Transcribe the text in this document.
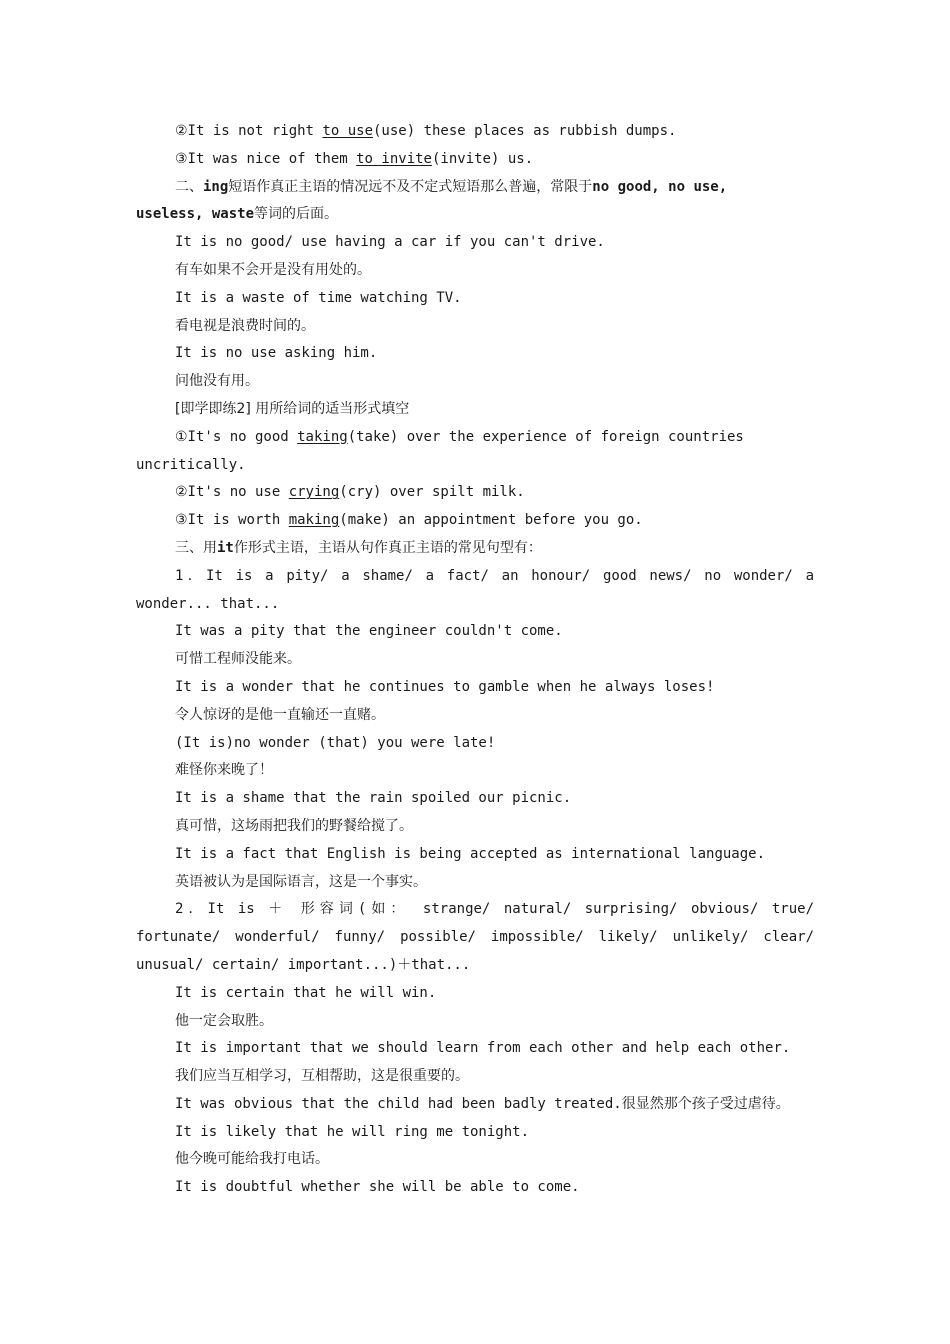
②It is not right to use(use) these places as rubbish dumps.
③It was nice of them to invite(invite) us.
二、ing短语作真正主语的情况远不及不定式短语那么普遍，常限于no good, no use,
useless, waste等词的后面。
It is no good/ use having a car if you can't drive.
有车如果不会开是没有用处的。
It is a waste of time watching TV.
看电视是浪费时间的。
It is no use asking him.
问他没有用。
[即学即练2] 用所给词的适当形式填空
①It's no good taking(take) over the experience of foreign countries
uncritically.
②It's no use crying(cry) over spilt milk.
③It is worth making(make) an appointment before you go.
三、用it作形式主语，主语从句作真正主语的常见句型有：
1．It is a pity/ a shame/ a fact/ an honour/ good news/ no wonder/ a
wonder... that...
It was a pity that the engineer couldn't come.
可惜工程师没能来。
It is a wonder that he continues to gamble when he always loses!
令人惊讶的是他一直输还一直赌。
(It is)no wonder (that) you were late!
难怪你来晚了！
It is a shame that the rain spoiled our picnic.
真可惜，这场雨把我们的野餐给搅了。
It is a fact that English is being accepted as international language.
英语被认为是国际语言，这是一个事实。
2．It is ＋ 形容词(如： strange/ natural/ surprising/ obvious/ true/
fortunate/ wonderful/ funny/ possible/ impossible/ likely/ unlikely/ clear/
unusual/ certain/ important...)＋that...
It is certain that he will win.
他一定会取胜。
It is important that we should learn from each other and help each other.
我们应当互相学习，互相帮助，这是很重要的。
It was obvious that the child had been badly treated.很显然那个孩子受过虐待。
It is likely that he will ring me tonight.
他今晚可能给我打电话。
It is doubtful whether she will be able to come.
